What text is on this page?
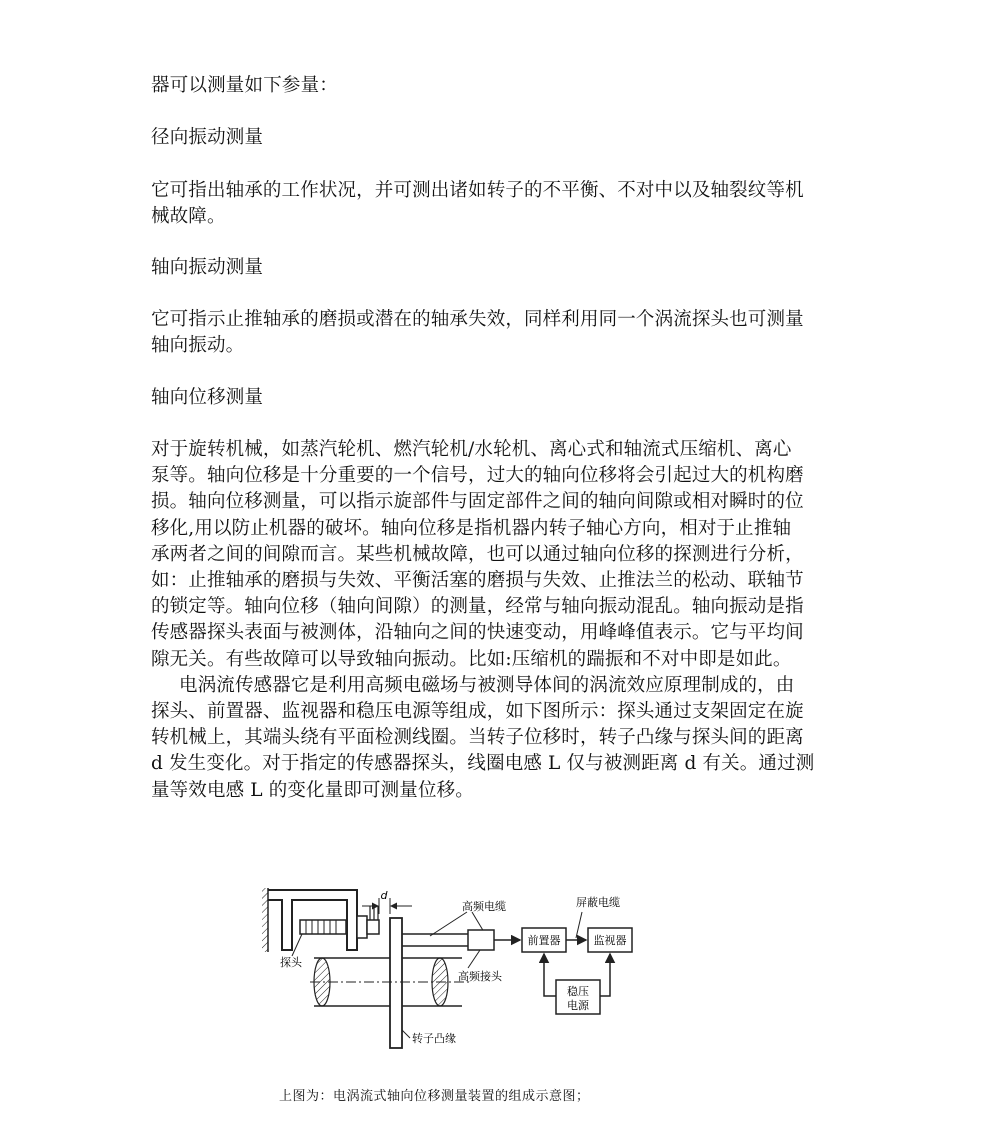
器可以测量如下参量：
径向振动测量
它可指出轴承的工作状况，并可测出诸如转子的不平衡、不对中以及轴裂纹等机
械故障。
轴向振动测量
它可指示止推轴承的磨损或潜在的轴承失效，同样利用同一个涡流探头也可测量
轴向振动。
轴向位移测量
对于旋转机械，如蒸汽轮机、燃汽轮机/水轮机、离心式和轴流式压缩机、离心
泵等。轴向位移是十分重要的一个信号，过大的轴向位移将会引起过大的机构磨
损。轴向位移测量，可以指示旋部件与固定部件之间的轴向间隙或相对瞬时的位
移化,用以防止机器的破坏。轴向位移是指机器内转子轴心方向，相对于止推轴
承两者之间的间隙而言。某些机械故障，也可以通过轴向位移的探测进行分析，
如：止推轴承的磨损与失效、平衡活塞的磨损与失效、止推法兰的松动、联轴节
的锁定等。轴向位移（轴向间隙）的测量，经常与轴向振动混乱。轴向振动是指
传感器探头表面与被测体，沿轴向之间的快速变动，用峰峰值表示。它与平均间
隙无关。有些故障可以导致轴向振动。比如:压缩机的踹振和不对中即是如此。
电涡流传感器它是利用高频电磁场与被测导体间的涡流效应原理制成的，由
探头、前置器、监视器和稳压电源等组成，如下图所示：探头通过支架固定在旋
转机械上，其端头绕有平面检测线圈。当转子位移时，转子凸缘与探头间的距离
d 发生变化。对于指定的传感器探头，线圈电感 L 仅与被测距离 d 有关。通过测
量等效电感 L 的变化量即可测量位移。
d
高频电缆	屏蔽电缆
前置器	监视器
稳压
电源
高频接头
探头
转子凸缘
上图为：电涡流式轴向位移测量装置的组成示意图；
